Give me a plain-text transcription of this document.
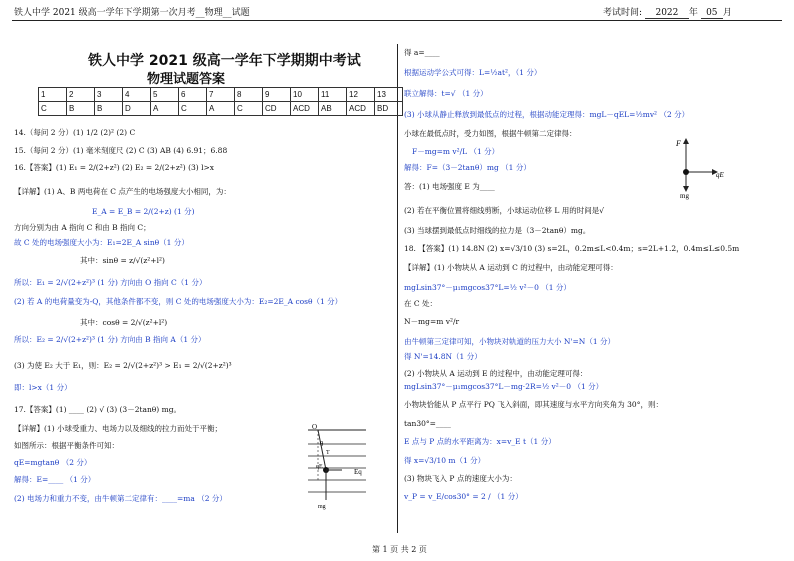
铁人中学 2021 级高一学年下学期第一次月考__物理__试题	考试时间: 2022 年 05 月
铁人中学 2021 级高一学年下学期期中考试
物理试题答案
1	2	3	4	5	6	7	8	9	10	11	12	13
C	B	B	D	A	C	A	C	CD	ACD	AB	ACD	BD
14.（每问 2 分）(1) 1/2 (2)² (2) C
15.（每问 2 分）(1) 毫米刻度尺 (2) C (3) AB (4) 6.91；6.88
16.【答案】(1) E₁ = 2/(2+z²) (2) E₂ = 2/(2+z²) (3) l>x
【详解】(1) A、B 两电荷在 C 点产生的电场强度大小相同，为：
E_A = E_B = 2/(2+z) (1 分)
方向分别为由 A 指向 C 和由 B 指向 C；
故 C 处的电场强度大小为：E₁=2E_A sinθ（1 分）
其中：sinθ = z/√(z²+l²)
所以：E₁ = 2/√(2+z²)³ (1 分) 方向由 O 指向 C（1 分）
(2) 若 A 的电荷量变为-Q，其他条件都不变，则 C 处的电场强度大小为：E₂=2E_A cosθ（1 分）
其中：cosθ = 2/√(z²+l²)
所以：E₂ = 2/√(2+z²)³ (1 分) 方向由 B 指向 A（1 分）
(3) 为使 E₂ 大于 E₁，则：E₂ = 2/√(2+z²)³ > E₁ = 2/√(2+z²)³
即：l>x（1 分）
17.【答案】(1) ____ (2) √ (3) (3－2tanθ) mg。
【详解】(1) 小球受重力、电场力以及细线的拉力而处于平衡；
如图所示：根据平衡条件可知：
qE=mgtanθ （2 分）
解得：E=____ （1 分）
(2) 电场力和重力不变，由牛顿第二定律有：____=ma （2 分）
得 a=____
根据运动学公式可得：L=½at²，（1 分）
联立解得：t=√ （1 分）
(3) 小球从静止释放到最低点的过程，根据动能定理得：mgL－qEL=½mv² （2 分）
小球在最低点时，受力如图，根据牛顿第二定律得：
F－mg=m v²/L （1 分）
解得：F=（3－2tanθ）mg （1 分）
答：(1) 电场强度 E 为____
(2) 若在平衡位置将细线剪断，小球运动位移 L 用的时间是√
(3) 当球摆到最低点时细线的拉力是（3－2tanθ）mg。
18. 【答案】(1) 14.8N (2) x=√3/10 (3) s=2L，0.2m≤L<0.4m；s=2L+1.2，0.4m≤L≤0.5m
【详解】(1) 小物块从 A 运动到 C 的过程中，由动能定理可得：
mgLsin37°－μ₁mgcos37°L=½ v²－0 （1 分）
在 C 处：
N－mg=m v²/r
由牛顿第三定律可知，小物块对轨道的压力大小 N'=N（1 分）
得 N'=14.8N（1 分）
(2) 小物块从 A 运动到 E 的过程中，由动能定理可得：
mgLsin37°－μ₁mgcos37°L－mg·2R=½ v²－0 （1 分）
小物块恰能从 P 点平行 PQ 飞入斜面，即其速度与水平方向夹角为 30°，则：
tan30°=____
E 点与 P 点的水平距离为：x=v_E t（1 分）
得 x=√3/10 m（1 分）
(3) 物块飞入 P 点的速度大小为：
v_P = v_E/cos30° = 2 / （1 分）
O
θ
T
qE
Eq
mg
F
qE
mg
第 1 页 共 2 页
